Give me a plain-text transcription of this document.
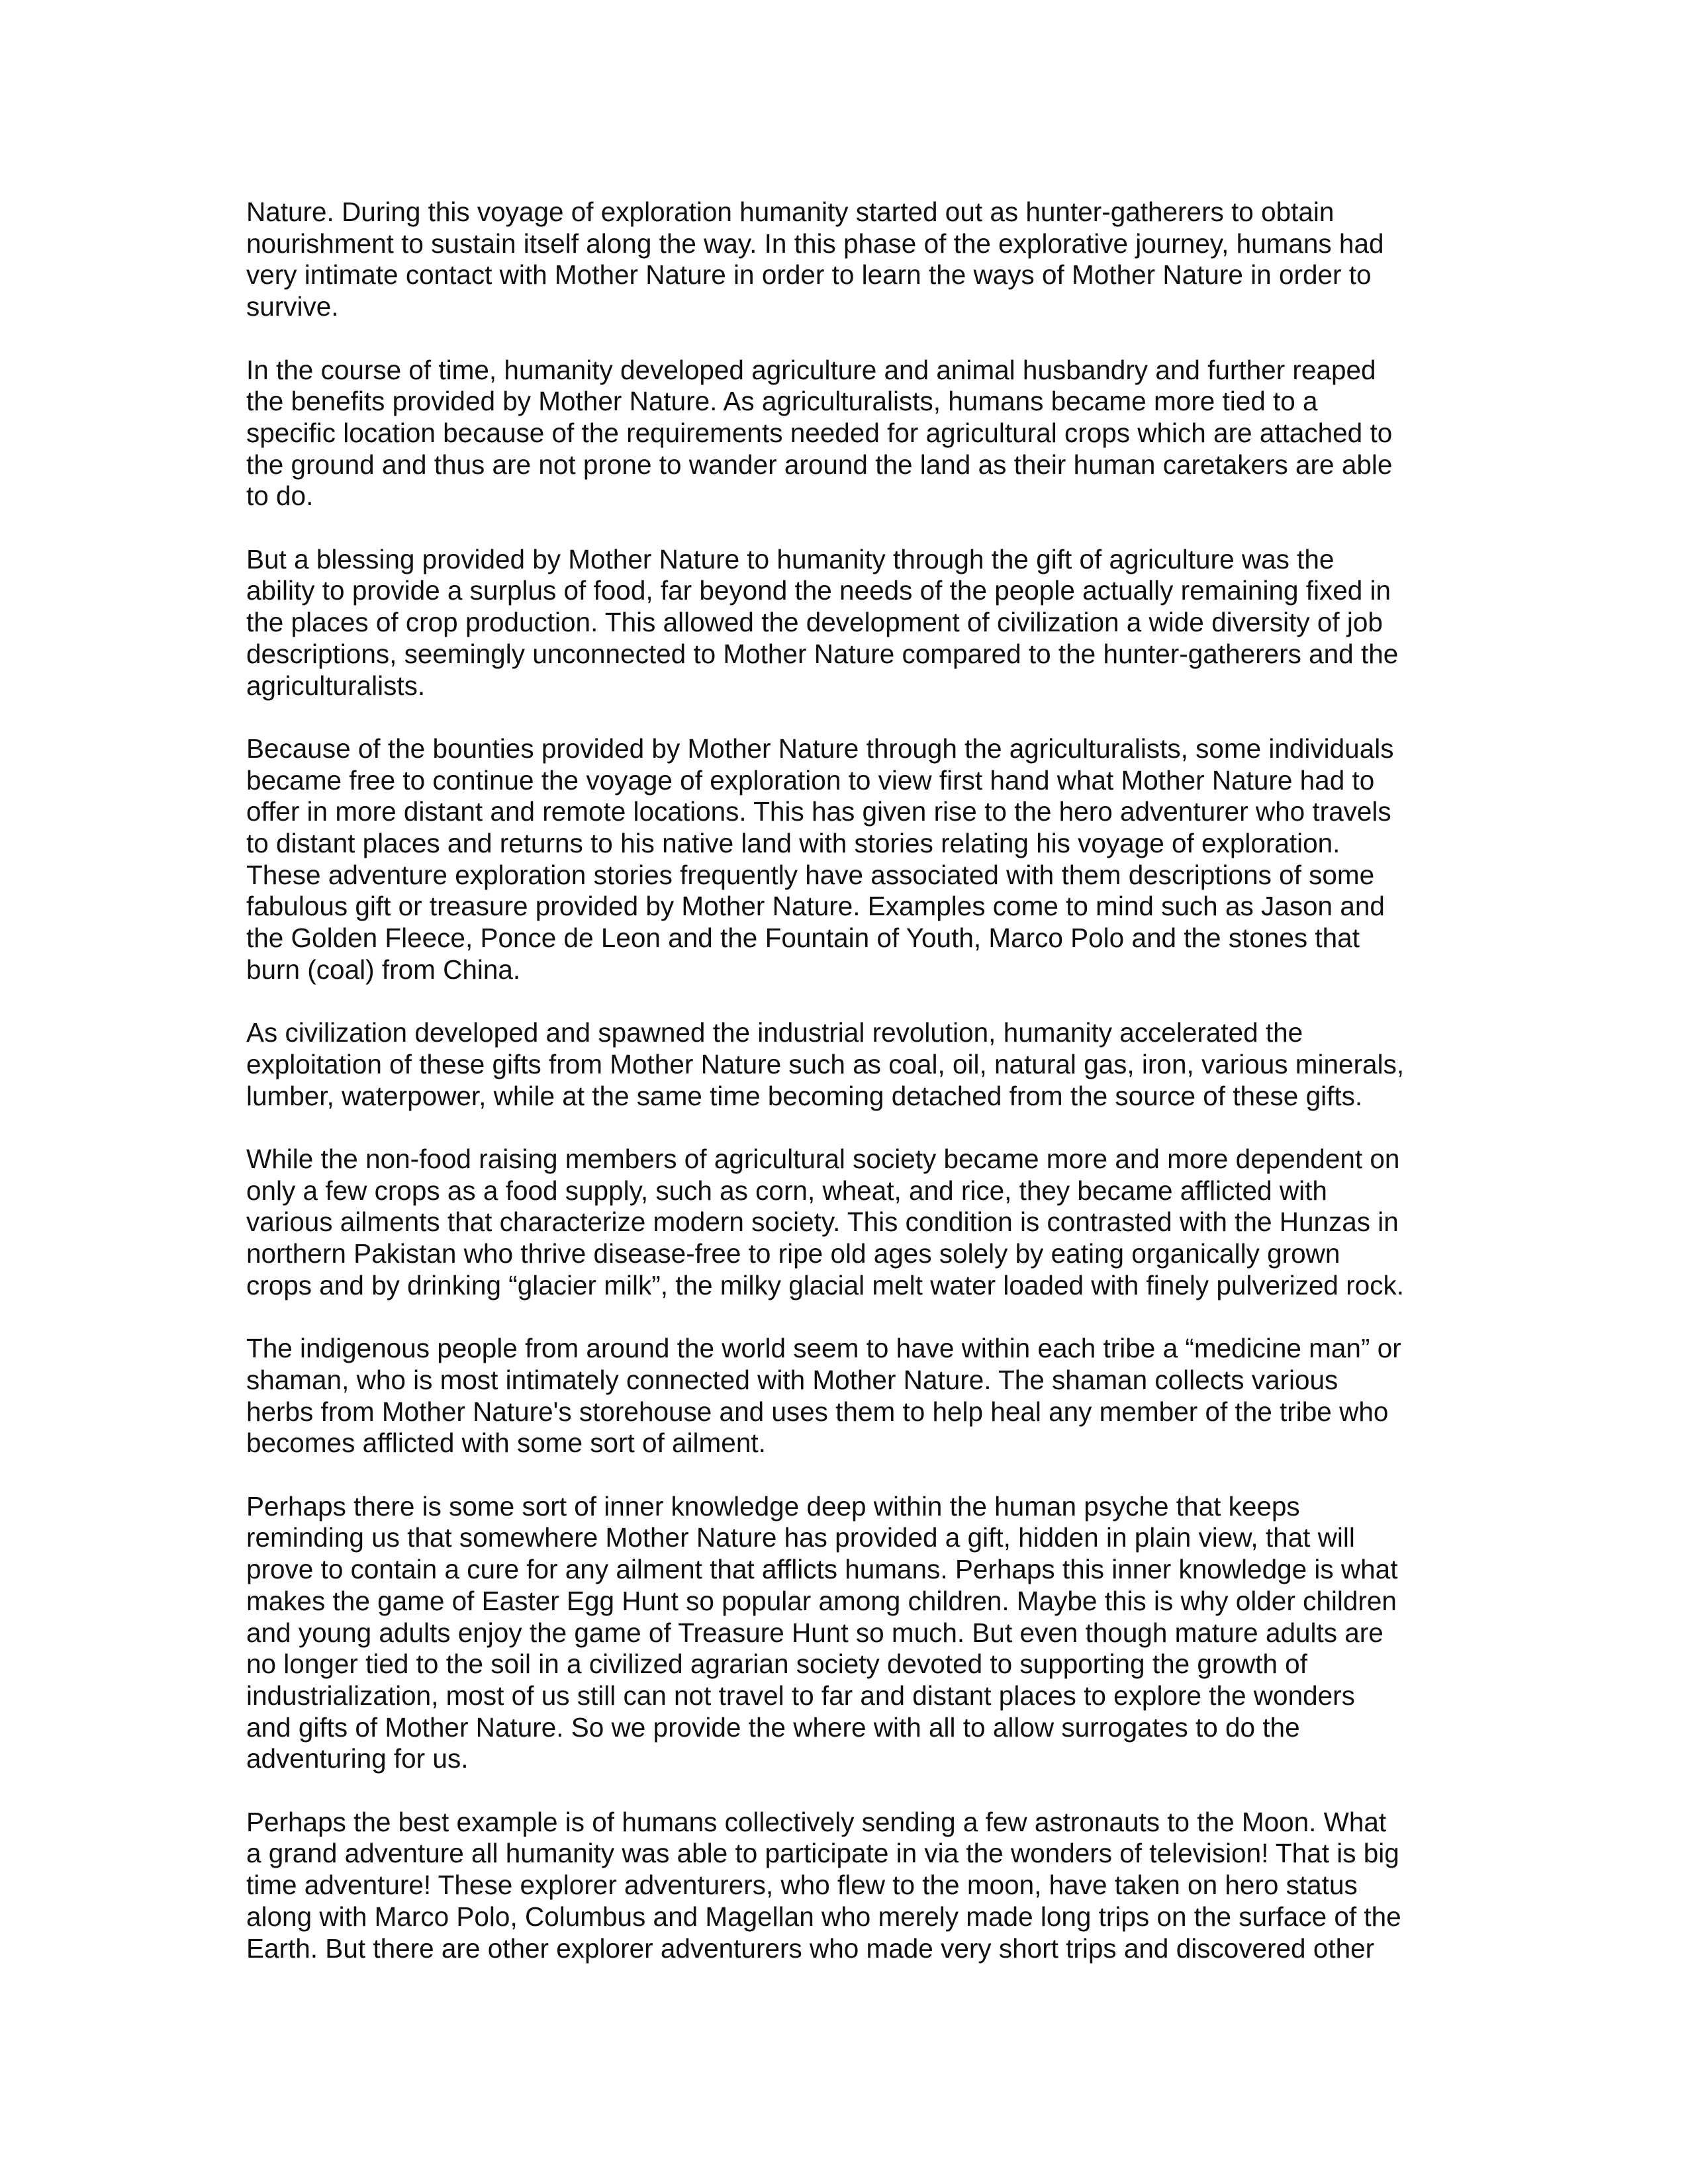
Nature. During this voyage of exploration humanity started out as hunter-gatherers to obtain
nourishment to sustain itself along the way. In this phase of the explorative journey, humans had
very intimate contact with Mother Nature in order to learn the ways of Mother Nature in order to
survive.

In the course of time, humanity developed agriculture and animal husbandry and further reaped
the benefits provided by Mother Nature. As agriculturalists, humans became more tied to a
specific location because of the requirements needed for agricultural crops which are attached to
the ground and thus are not prone to wander around the land as their human caretakers are able
to do.

But a blessing provided by Mother Nature to humanity through the gift of agriculture was the
ability to provide a surplus of food, far beyond the needs of the people actually remaining fixed in
the places of crop production. This allowed the development of civilization a wide diversity of job
descriptions, seemingly unconnected to Mother Nature compared to the hunter-gatherers and the
agriculturalists.

Because of the bounties provided by Mother Nature through the agriculturalists, some individuals
became free to continue the voyage of exploration to view first hand what Mother Nature had to
offer in more distant and remote locations. This has given rise to the hero adventurer who travels
to distant places and returns to his native land with stories relating his voyage of exploration.
These adventure exploration stories frequently have associated with them descriptions of some
fabulous gift or treasure provided by Mother Nature. Examples come to mind such as Jason and
the Golden Fleece, Ponce de Leon and the Fountain of Youth, Marco Polo and the stones that
burn (coal) from China.

As civilization developed and spawned the industrial revolution, humanity accelerated the
exploitation of these gifts from Mother Nature such as coal, oil, natural gas, iron, various minerals,
lumber, waterpower, while at the same time becoming detached from the source of these gifts.

While the non-food raising members of agricultural society became more and more dependent on
only a few crops as a food supply, such as corn, wheat, and rice, they became afflicted with
various ailments that characterize modern society. This condition is contrasted with the Hunzas in
northern Pakistan who thrive disease-free to ripe old ages solely by eating organically grown
crops and by drinking “glacier milk”, the milky glacial melt water loaded with finely pulverized rock.

The indigenous people from around the world seem to have within each tribe a “medicine man” or
shaman, who is most intimately connected with Mother Nature. The shaman collects various
herbs from Mother Nature's storehouse and uses them to help heal any member of the tribe who
becomes afflicted with some sort of ailment.

Perhaps there is some sort of inner knowledge deep within the human psyche that keeps
reminding us that somewhere Mother Nature has provided a gift, hidden in plain view, that will
prove to contain a cure for any ailment that afflicts humans. Perhaps this inner knowledge is what
makes the game of Easter Egg Hunt so popular among children. Maybe this is why older children
and young adults enjoy the game of Treasure Hunt so much. But even though mature adults are
no longer tied to the soil in a civilized agrarian society devoted to supporting the growth of
industrialization, most of us still can not travel to far and distant places to explore the wonders
and gifts of Mother Nature. So we provide the where with all to allow surrogates to do the
adventuring for us.

Perhaps the best example is of humans collectively sending a few astronauts to the Moon. What
a grand adventure all humanity was able to participate in via the wonders of television! That is big
time adventure! These explorer adventurers, who flew to the moon, have taken on hero status
along with Marco Polo, Columbus and Magellan who merely made long trips on the surface of the
Earth. But there are other explorer adventurers who made very short trips and discovered other
